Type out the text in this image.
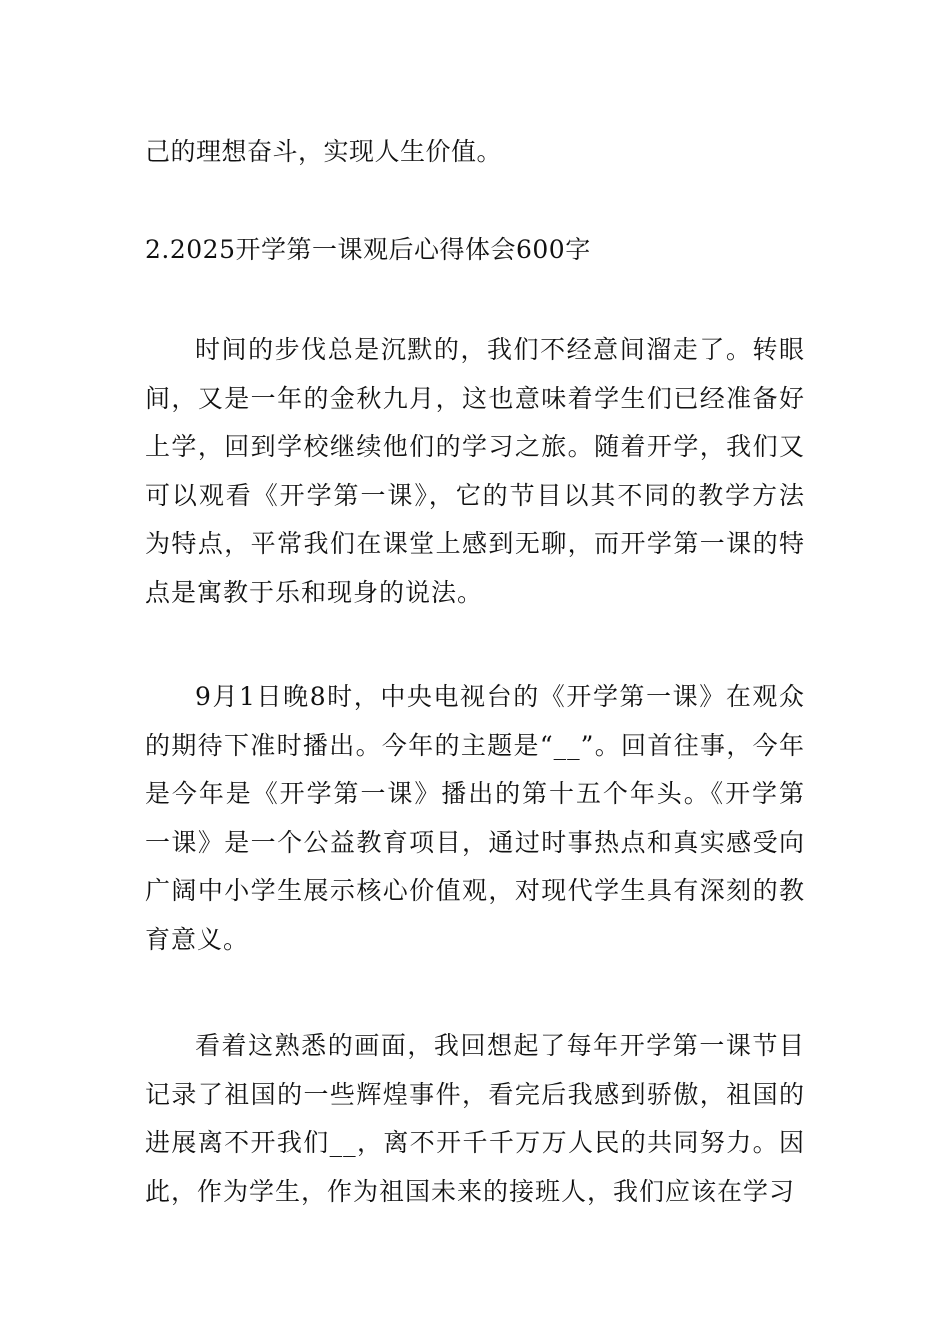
己的理想奋斗，实现人生价值。
2.2025开学第一课观后心得体会600字

时间的步伐总是沉默的，我们不经意间溜走了。转眼间，又是一年的金秋九月，这也意味着学生们已经准备好上学，回到学校继续他们的学习之旅。随着开学，我们又可以观看《开学第一课》，它的节目以其不同的教学方法为特点，平常我们在课堂上感到无聊，而开学第一课的特点是寓教于乐和现身的说法。

9月1日晚8时，中央电视台的《开学第一课》在观众的期待下准时播出。今年的主题是“__”。回首往事，今年是今年是《开学第一课》播出的第十五个年头。《开学第一课》是一个公益教育项目，通过时事热点和真实感受向广阔中小学生展示核心价值观，对现代学生具有深刻的教育意义。

看着这熟悉的画面，我回想起了每年开学第一课节目记录了祖国的一些辉煌事件，看完后我感到骄傲，祖国的进展离不开我们__，离不开千千万万人民的共同努力。因此，作为学生，作为祖国未来的接班人，我们应该在学习
